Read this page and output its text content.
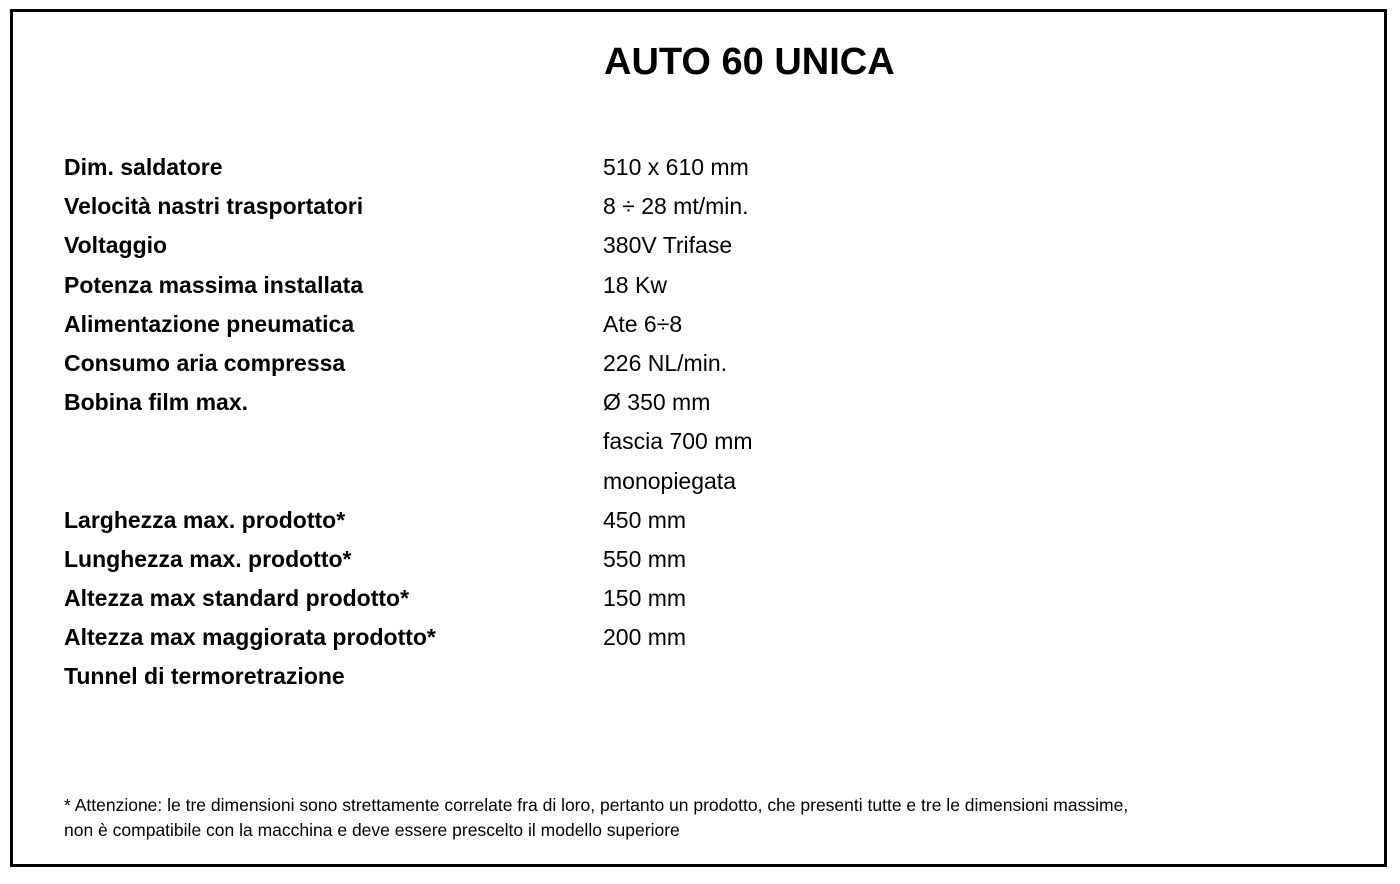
AUTO 60 UNICA
Dim. saldatore	510 x 610 mm
Velocità nastri trasportatori	8 ÷ 28 mt/min.
Voltaggio	380V Trifase
Potenza massima installata	18 Kw
Alimentazione pneumatica	Ate 6÷8
Consumo aria compressa	226 NL/min.
Bobina film max.	Ø 350 mm
fascia 700 mm
monopiegata
Larghezza max. prodotto*	450 mm
Lunghezza max. prodotto*	550 mm
Altezza max standard prodotto*	150 mm
Altezza max maggiorata prodotto*	200 mm
Tunnel di termoretrazione
* Attenzione: le tre dimensioni sono strettamente correlate fra di loro, pertanto un prodotto, che presenti tutte e tre le dimensioni massime,
non è compatibile con la macchina e deve essere prescelto il modello superiore
